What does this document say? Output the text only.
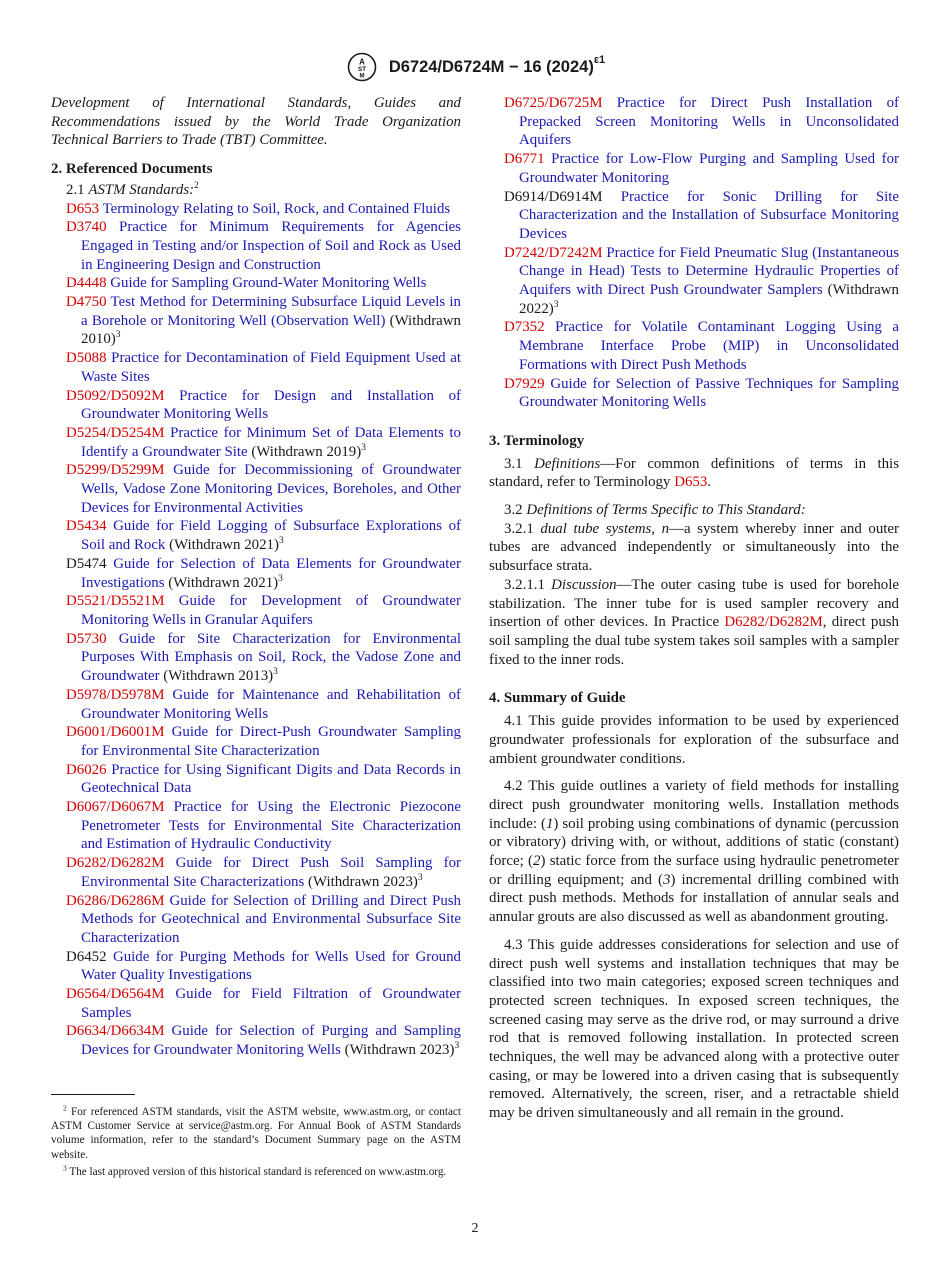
A
ST
M
D6724/D6724M − 16 $(2024)^{\varepsilon 1}$

Development of International Standards, Guides and Recommendations issued by the World Trade Organization Technical Barriers to Trade (TBT) Committee.

2. Referenced Documents

2.1 ASTM Standards:$^2$

D653 Terminology Relating to Soil, Rock, and Contained Fluids

D3740 Practice for Minimum Requirements for Agencies Engaged in Testing and/or Inspection of Soil and Rock as Used in Engineering Design and Construction

D4448 Guide for Sampling Ground-Water Monitoring Wells

D4750 Test Method for Determining Subsurface Liquid Levels in a Borehole or Monitoring Well (Observation Well) (Withdrawn 2010)$^3$

D5088 Practice for Decontamination of Field Equipment Used at Waste Sites

D5092/D5092M Practice for Design and Installation of Groundwater Monitoring Wells

D5254/D5254M Practice for Minimum Set of Data Elements to Identify a Groundwater Site (Withdrawn 2019)$^3$

D5299/D5299M Guide for Decommissioning of Groundwater Wells, Vadose Zone Monitoring Devices, Boreholes, and Other Devices for Environmental Activities

D5434 Guide for Field Logging of Subsurface Explorations of Soil and Rock (Withdrawn 2021)$^3$

D5474 Guide for Selection of Data Elements for Groundwater Investigations (Withdrawn 2021)$^3$

D5521/D5521M Guide for Development of Groundwater Monitoring Wells in Granular Aquifers

D5730 Guide for Site Characterization for Environmental Purposes With Emphasis on Soil, Rock, the Vadose Zone and Groundwater (Withdrawn 2013)$^3$

D5978/D5978M Guide for Maintenance and Rehabilitation of Groundwater Monitoring Wells

D6001/D6001M Guide for Direct-Push Groundwater Sampling for Environmental Site Characterization

D6026 Practice for Using Significant Digits and Data Records in Geotechnical Data

D6067/D6067M Practice for Using the Electronic Piezocone Penetrometer Tests for Environmental Site Characterization and Estimation of Hydraulic Conductivity

D6282/D6282M Guide for Direct Push Soil Sampling for Environmental Site Characterizations (Withdrawn 2023)$^3$

D6286/D6286M Guide for Selection of Drilling and Direct Push Methods for Geotechnical and Environmental Subsurface Site Characterization

D6452 Guide for Purging Methods for Wells Used for Ground Water Quality Investigations

D6564/D6564M Guide for Field Filtration of Groundwater Samples

D6634/D6634M Guide for Selection of Purging and Sampling Devices for Groundwater Monitoring Wells (Withdrawn 2023)$^3$

$^2$ For referenced ASTM standards, visit the ASTM website, www.astm.org, or contact ASTM Customer Service at service@astm.org. For Annual Book of ASTM Standards volume information, refer to the standard’s Document Summary page on the ASTM website.

$^3$ The last approved version of this historical standard is referenced on www.astm.org.

D6725/D6725M Practice for Direct Push Installation of Prepacked Screen Monitoring Wells in Unconsolidated Aquifers

D6771 Practice for Low-Flow Purging and Sampling Used for Groundwater Monitoring

D6914/D6914M Practice for Sonic Drilling for Site Characterization and the Installation of Subsurface Monitoring Devices

D7242/D7242M Practice for Field Pneumatic Slug (Instantaneous Change in Head) Tests to Determine Hydraulic Properties of Aquifers with Direct Push Groundwater Samplers (Withdrawn 2022)$^3$

D7352 Practice for Volatile Contaminant Logging Using a Membrane Interface Probe (MIP) in Unconsolidated Formations with Direct Push Methods

D7929 Guide for Selection of Passive Techniques for Sampling Groundwater Monitoring Wells

3. Terminology

3.1 Definitions—For common definitions of terms in this standard, refer to Terminology D653.

3.2 Definitions of Terms Specific to This Standard:

3.2.1 dual tube systems, n—a system whereby inner and outer tubes are advanced independently or simultaneously into the subsurface strata.

3.2.1.1 Discussion—The outer casing tube is used for borehole stabilization. The inner tube for is used sampler recovery and insertion of other devices. In Practice D6282/D6282M, direct push soil sampling the dual tube system takes soil samples with a sampler fixed to the inner rods.

4. Summary of Guide

4.1 This guide provides information to be used by experienced groundwater professionals for exploration of the subsurface and ambient groundwater conditions.

4.2 This guide outlines a variety of field methods for installing direct push groundwater monitoring wells. Installation methods include: (1) soil probing using combinations of dynamic (percussion or vibratory) driving with, or without, additions of static (constant) force; (2) static force from the surface using hydraulic penetrometer or drilling equipment; and (3) incremental drilling combined with direct push methods. Methods for installation of annular seals and annular grouts are also discussed as well as abandonment grouting.

4.3 This guide addresses considerations for selection and use of direct push well systems and installation techniques that may be classified into two main categories; exposed screen techniques and protected screen techniques. In exposed screen techniques, the screened casing may serve as the drive rod, or may surround a drive rod that is removed following installation. In protected screen techniques, the well may be advanced along with a protective outer casing, or may be lowered into a driven casing that is subsequently removed. Alternatively, the screen, riser, and a retractable shield may be driven simultaneously and all remain in the ground.

2
